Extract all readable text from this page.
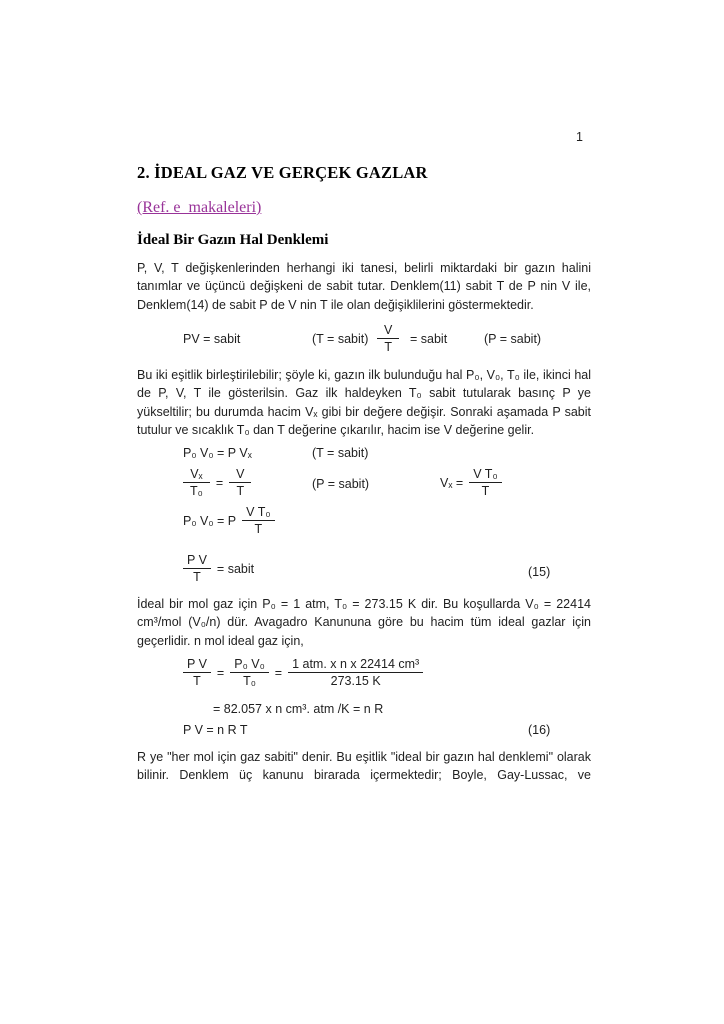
1
2. İDEAL GAZ VE GERÇEK GAZLAR
(Ref. e_makaleleri)
İdeal Bir Gazın Hal Denklemi

P, V, T değişkenlerinden herhangi iki tanesi, belirli miktardaki bir gazın halini tanımlar ve üçüncü değişkeni de sabit tutar. Denklem(11) sabit T de P nin V ile, Denklem(14) de sabit P de V nin T ile olan değişiklilerini göstermektedir.

PV = sabit	(T = sabit) $\frac{V}{T}$ = sabit	(P = sabit)

Bu iki eşitlik birleştirilebilir; şöyle ki, gazın ilk bulunduğu hal P₀, V₀, T₀ ile, ikinci hal de P, V, T ile gösterilsin. Gaz ilk haldeyken T₀ sabit tutularak basınç P ye yükseltilir; bu durumda hacim Vₓ gibi bir değere değişir. Sonraki aşamada P sabit tutulur ve sıcaklık T₀ dan T değerine çıkarılır, hacim ise V değerine gelir.

P₀ V₀ = P Vₓ	(T = sabit)
$\frac{\text{Vₓ}}{\text{T₀}} = \frac{V}{T}$	(P = sabit)	$V_x = \frac{\text{V T₀}}{T}$
P₀ V₀ = P $\frac{\text{V T₀}}{T}$
$\frac{\text{P V}}{T}$ = sabit	(15)

İdeal bir mol gaz için P₀ = 1 atm, T₀ = 273.15 K dir. Bu koşullarda V₀ = 22414 cm³/mol (V₀/n) dür. Avagadro Kanununa göre bu hacim tüm ideal gazlar için geçerlidir. n mol ideal gaz için,

$\frac{\text{P V}}{T} = \frac{\text{P₀ V₀}}{\text{T₀}} = \frac{\text{1 atm. x n x 22414 cm³}}{273.15 K}$
= 82.057 x n cm³. atm /K = n R
P V = n R T	(16)

R ye "her mol için gaz sabiti" denir. Bu eşitlik "ideal bir gazın hal denklemi" olarak bilinir. Denklem üç kanunu birarada içermektedir; Boyle, Gay-Lussac, ve
